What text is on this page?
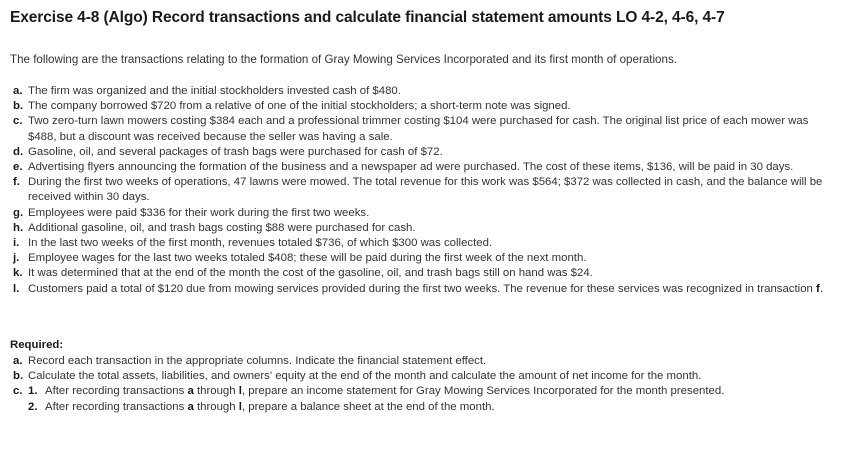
Exercise 4-8 (Algo) Record transactions and calculate financial statement amounts LO 4-2, 4-6, 4-7
The following are the transactions relating to the formation of Gray Mowing Services Incorporated and its first month of operations.
a. The firm was organized and the initial stockholders invested cash of $480.
b. The company borrowed $720 from a relative of one of the initial stockholders; a short-term note was signed.
c. Two zero-turn lawn mowers costing $384 each and a professional trimmer costing $104 were purchased for cash. The original list price of each mower was $488, but a discount was received because the seller was having a sale.
d. Gasoline, oil, and several packages of trash bags were purchased for cash of $72.
e. Advertising flyers announcing the formation of the business and a newspaper ad were purchased. The cost of these items, $136, will be paid in 30 days.
f. During the first two weeks of operations, 47 lawns were mowed. The total revenue for this work was $564; $372 was collected in cash, and the balance will be received within 30 days.
g. Employees were paid $336 for their work during the first two weeks.
h. Additional gasoline, oil, and trash bags costing $88 were purchased for cash.
i. In the last two weeks of the first month, revenues totaled $736, of which $300 was collected.
j. Employee wages for the last two weeks totaled $408; these will be paid during the first week of the next month.
k. It was determined that at the end of the month the cost of the gasoline, oil, and trash bags still on hand was $24.
l. Customers paid a total of $120 due from mowing services provided during the first two weeks. The revenue for these services was recognized in transaction f.
Required:
a. Record each transaction in the appropriate columns. Indicate the financial statement effect.
b. Calculate the total assets, liabilities, and owners' equity at the end of the month and calculate the amount of net income for the month.
c. 1. After recording transactions a through l, prepare an income statement for Gray Mowing Services Incorporated for the month presented.
2. After recording transactions a through l, prepare a balance sheet at the end of the month.
